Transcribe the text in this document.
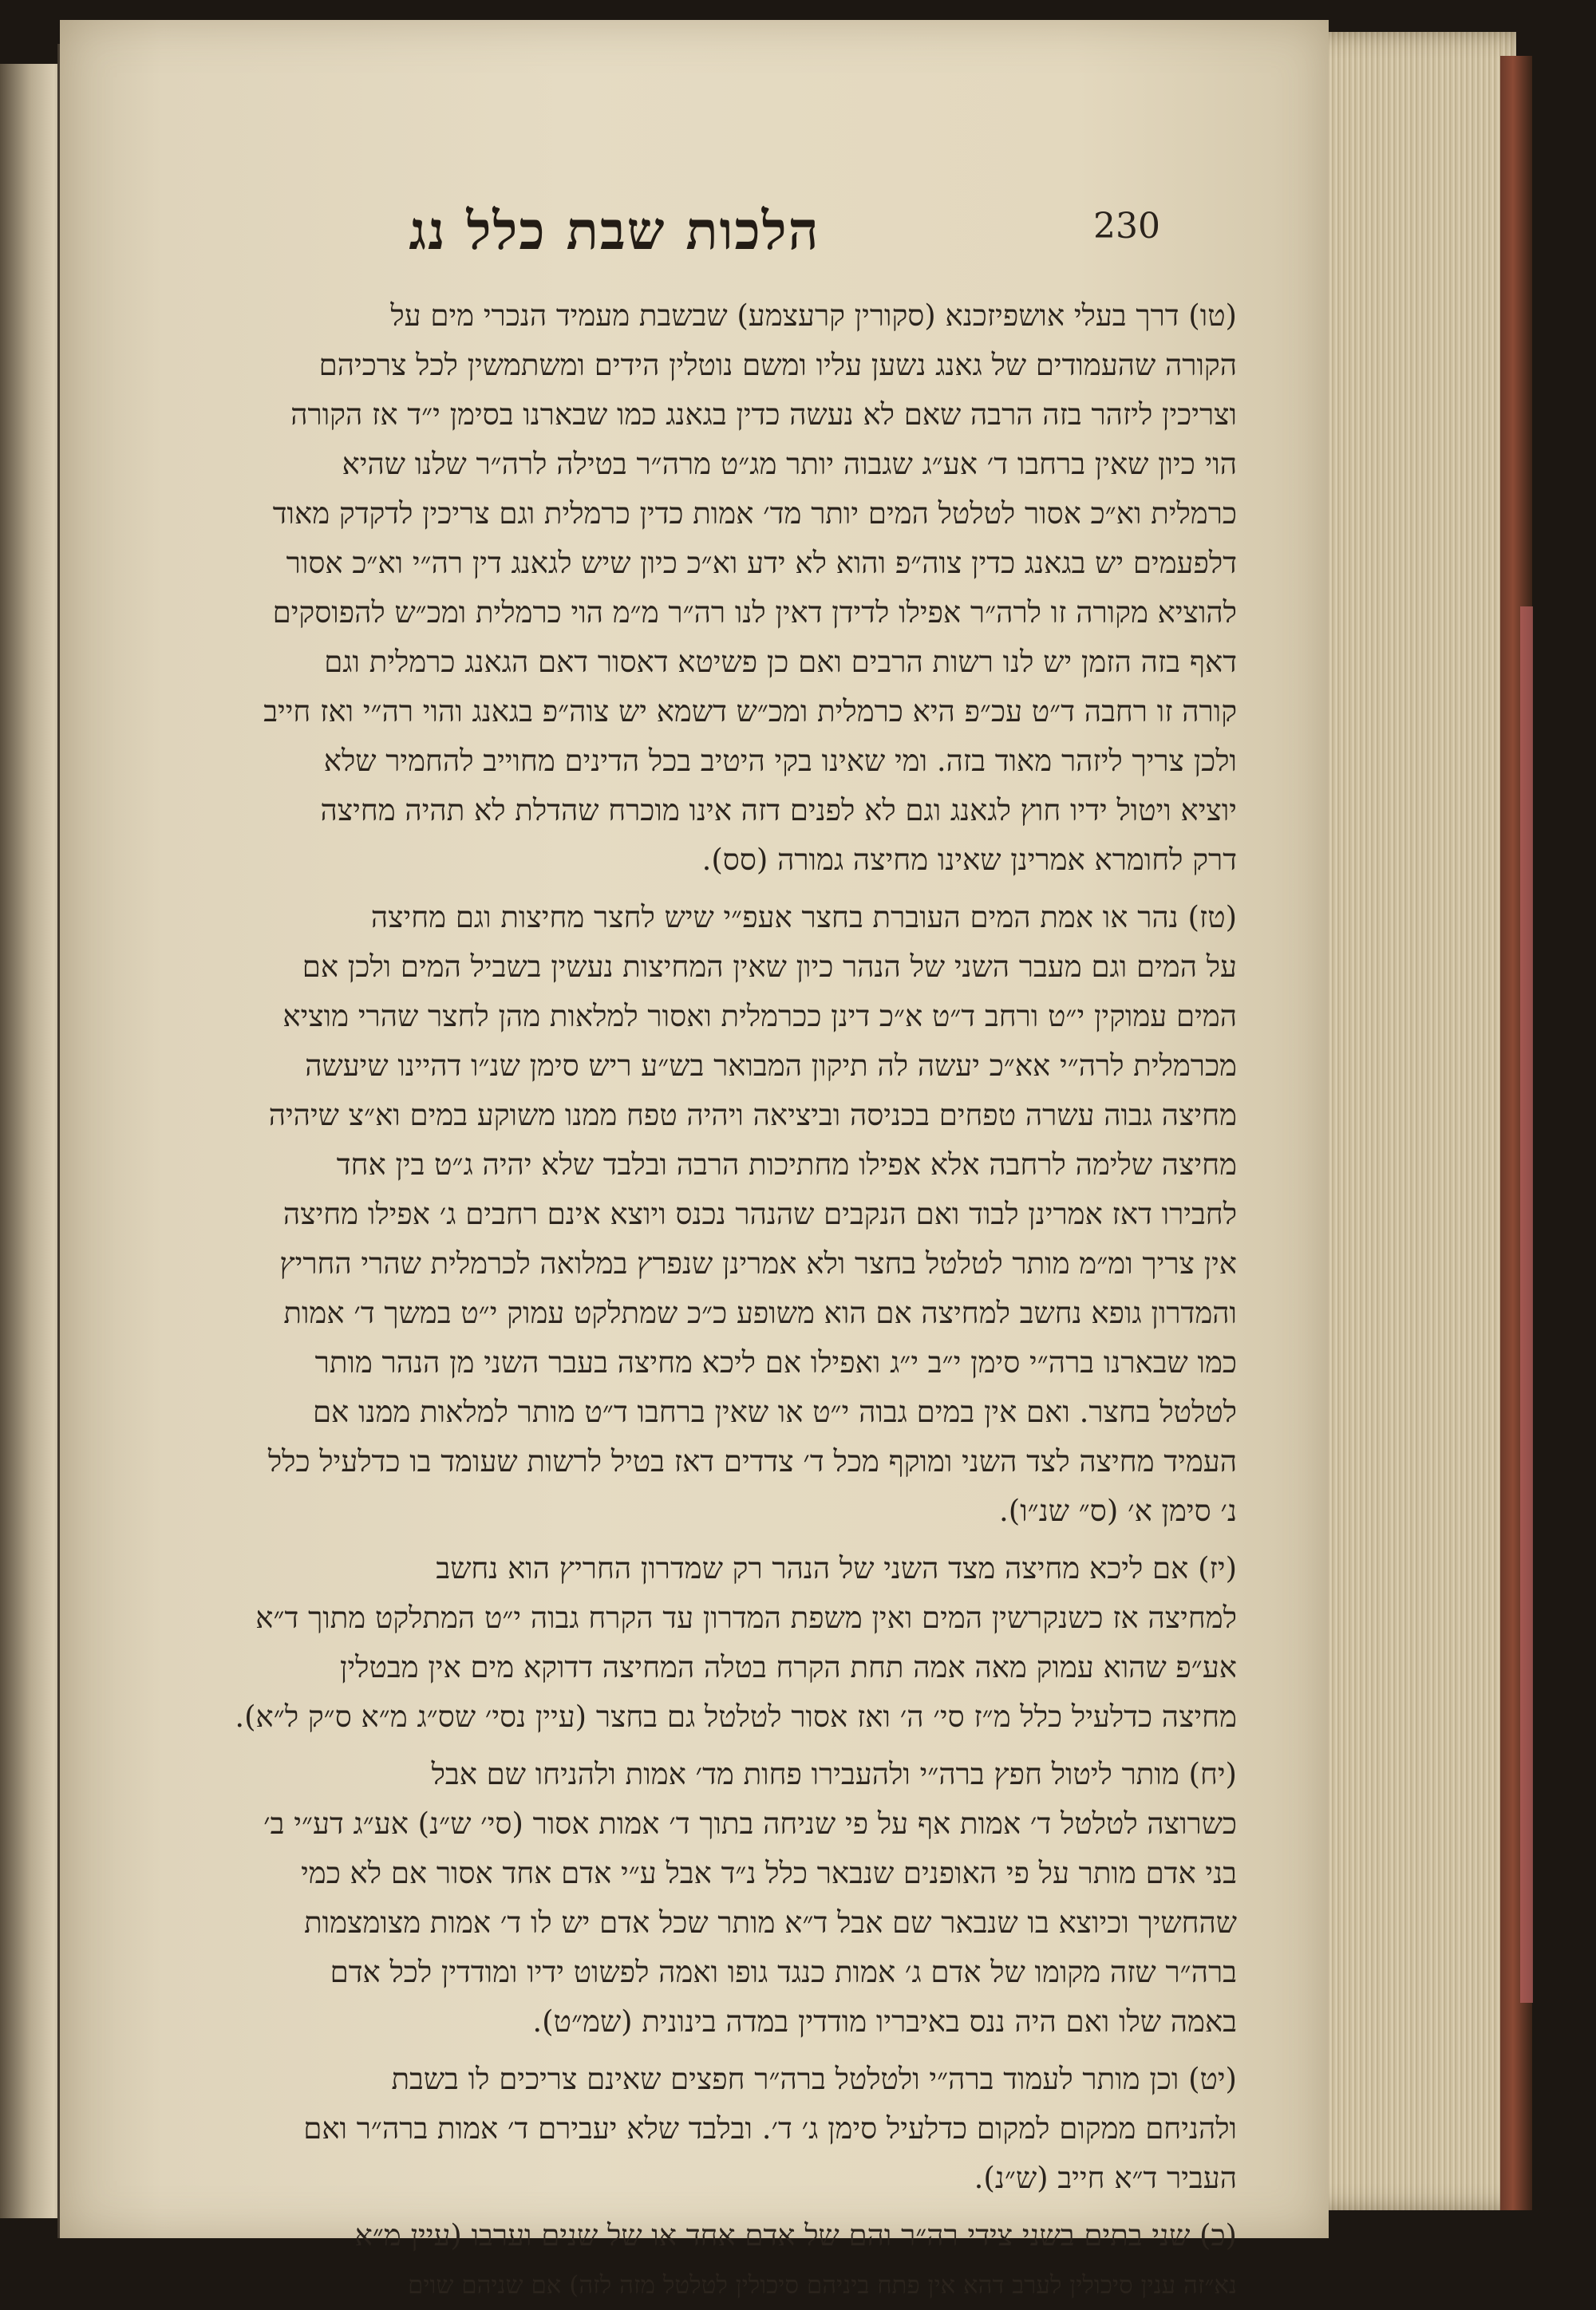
הלכות שבת כלל נג	230
(טו) דרך בעלי אושפיזכנא (סקורין קרעצמע) שבשבת מעמיד הנכרי מים על
הקורה שהעמודים של גאנג נשען עליו ומשם נוטלין הידים ומשתמשין לכל צרכיהם
וצריכין ליזהר בזה הרבה שאם לא נעשה כדין בגאנג כמו שבארנו בסימן י״ד אז הקורה
הוי כיון שאין ברחבו ד׳ אע״ג שגבוה יותר מג״ט מרה״ר בטילה לרה״ר שלנו שהיא
כרמלית וא״כ אסור לטלטל המים יותר מד׳ אמות כדין כרמלית וגם צריכין לדקדק מאוד
דלפעמים יש בגאנג כדין צוה״פ והוא לא ידע וא״כ כיון שיש לגאנג דין רה״י וא״כ אסור
להוציא מקורה זו לרה״ר אפילו לדידן דאין לנו רה״ר מ״מ הוי כרמלית ומכ״ש להפוסקים
דאף בזה הזמן יש לנו רשות הרבים ואם כן פשיטא דאסור דאם הגאנג כרמלית וגם
קורה זו רחבה ד״ט עכ״פ היא כרמלית ומכ״ש דשמא יש צוה״פ בגאנג והוי רה״י ואז חייב
ולכן צריך ליזהר מאוד בזה. ומי שאינו בקי היטיב בכל הדינים מחוייב להחמיר שלא
יוציא ויטול ידיו חוץ לגאנג וגם לא לפנים דזה אינו מוכרח שהדלת לא תהיה מחיצה
דרק לחומרא אמרינן שאינו מחיצה גמורה (סס).
(טז) נהר או אמת המים העוברת בחצר אעפ״י שיש לחצר מחיצות וגם מחיצה
על המים וגם מעבר השני של הנהר כיון שאין המחיצות נעשין בשביל המים ולכן אם
המים עמוקין י״ט ורחב ד״ט א״כ דינן ככרמלית ואסור למלאות מהן לחצר שהרי מוציא
מכרמלית לרה״י אא״כ יעשה לה תיקון המבואר בש״ע ריש סימן שנ״ו דהיינו שיעשה
מחיצה גבוה עשרה טפחים בכניסה וביציאה ויהיה טפח ממנו משוקע במים וא״צ שיהיה
מחיצה שלימה לרחבה אלא אפילו מחתיכות הרבה ובלבד שלא יהיה ג״ט בין אחד
לחבירו דאז אמרינן לבוד ואם הנקבים שהנהר נכנס ויוצא אינם רחבים ג׳ אפילו מחיצה
אין צריך ומ״מ מותר לטלטל בחצר ולא אמרינן שנפרץ במלואה לכרמלית שהרי החריץ
והמדרון גופא נחשב למחיצה אם הוא משופע כ״כ שמתלקט עמוק י״ט במשך ד׳ אמות
כמו שבארנו ברה״י סימן י״ב י״ג ואפילו אם ליכא מחיצה בעבר השני מן הנהר מותר
לטלטל בחצר. ואם אין במים גבוה י״ט או שאין ברחבו ד״ט מותר למלאות ממנו אם
העמיד מחיצה לצד השני ומוקף מכל ד׳ צדדים דאז בטיל לרשות שעומד בו כדלעיל כלל
נ׳ סימן א׳ (ס״ שנ״ו).
(יז) אם ליכא מחיצה מצד השני של הנהר רק שמדרון החריץ הוא נחשב
למחיצה אז כשנקרשין המים ואין משפת המדרון עד הקרח גבוה י״ט המתלקט מתוך ד״א
אע״פ שהוא עמוק מאה אמה תחת הקרח בטלה המחיצה דדוקא מים אין מבטלין
מחיצה כדלעיל כלל מ״ז סי׳ ה׳ ואז אסור לטלטל גם בחצר (עיין נסי׳ שס״ג מ״א ס״ק ל״א).
(יח) מותר ליטול חפץ ברה״י ולהעבירו פחות מד׳ אמות ולהניחו שם אבל
כשרוצה לטלטל ד׳ אמות אף על פי שניחה בתוך ד׳ אמות אסור (סי׳ ש״נ) אע״ג דע״י ב׳
בני אדם מותר על פי האופנים שנבאר כלל נ״ד אבל ע״י אדם אחד אסור אם לא כמי
שהחשיך וכיוצא בו שנבאר שם אבל ד״א מותר שכל אדם יש לו ד׳ אמות מצומצמות
ברה״ר שזה מקומו של אדם ג׳ אמות כנגד גופו ואמה לפשוט ידיו ומודדין לכל אדם
באמה שלו ואם היה ננס באיבריו מודדין במדה בינונית (שמ״ט).
(יט) וכן מותר לעמוד ברה״י ולטלטל ברה״ר חפצים שאינם צריכים לו בשבת
ולהניחם ממקום למקום כדלעיל סימן ג׳ ד׳. ובלבד שלא יעבירם ד׳ אמות ברה״ר ואם
העביר ד״א חייב (ש״נ).
(כ) שני בתים בשני צידי רה״ר והם של אדם אחד או של שנים וערבו (עיין מ״א
נא״זה ענין סיכולין לערב דהא אין פתח ביניהם סיכולין לטלטל מזה לזה) אם שניהם שוים
